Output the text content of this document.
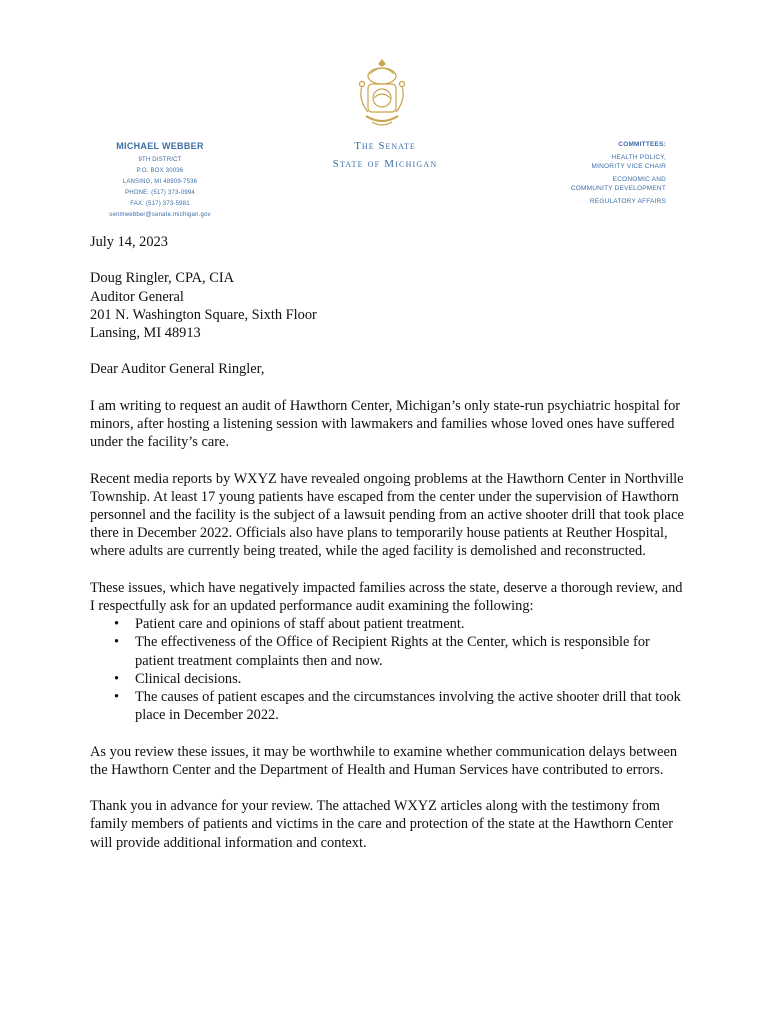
MICHAEL WEBBER
9TH DISTRICT
P.O. BOX 30036
LANSING, MI 48909-7536
PHONE: (517) 373-0994
FAX: (517) 373-5981
senmwebber@senate.michigan.gov
The Senate
State of Michigan
COMMITTEES:
HEALTH POLICY,
MINORITY VICE CHAIR
ECONOMIC AND
COMMUNITY DEVELOPMENT
REGULATORY AFFAIRS

July 14, 2023

Doug Ringler, CPA, CIA

Auditor General

201 N. Washington Square, Sixth Floor

Lansing, MI 48913

Dear Auditor General Ringler,

I am writing to request an audit of Hawthorn Center, Michigan’s only state-run psychiatric hospital for minors, after hosting a listening session with lawmakers and families whose loved ones have suffered under the facility’s care.

Recent media reports by WXYZ have revealed ongoing problems at the Hawthorn Center in Northville Township. At least 17 young patients have escaped from the center under the supervision of Hawthorn personnel and the facility is the subject of a lawsuit pending from an active shooter drill that took place there in December 2022. Officials also have plans to temporarily house patients at Reuther Hospital, where adults are currently being treated, while the aged facility is demolished and reconstructed.

These issues, which have negatively impacted families across the state, deserve a thorough review, and I respectfully ask for an updated performance audit examining the following:

• Patient care and opinions of staff about patient treatment.
• The effectiveness of the Office of Recipient Rights at the Center, which is responsible for patient treatment complaints then and now.
• Clinical decisions.
• The causes of patient escapes and the circumstances involving the active shooter drill that took place in December 2022.

As you review these issues, it may be worthwhile to examine whether communication delays between the Hawthorn Center and the Department of Health and Human Services have contributed to errors.

Thank you in advance for your review. The attached WXYZ articles along with the testimony from family members of patients and victims in the care and protection of the state at the Hawthorn Center will provide additional information and context.
